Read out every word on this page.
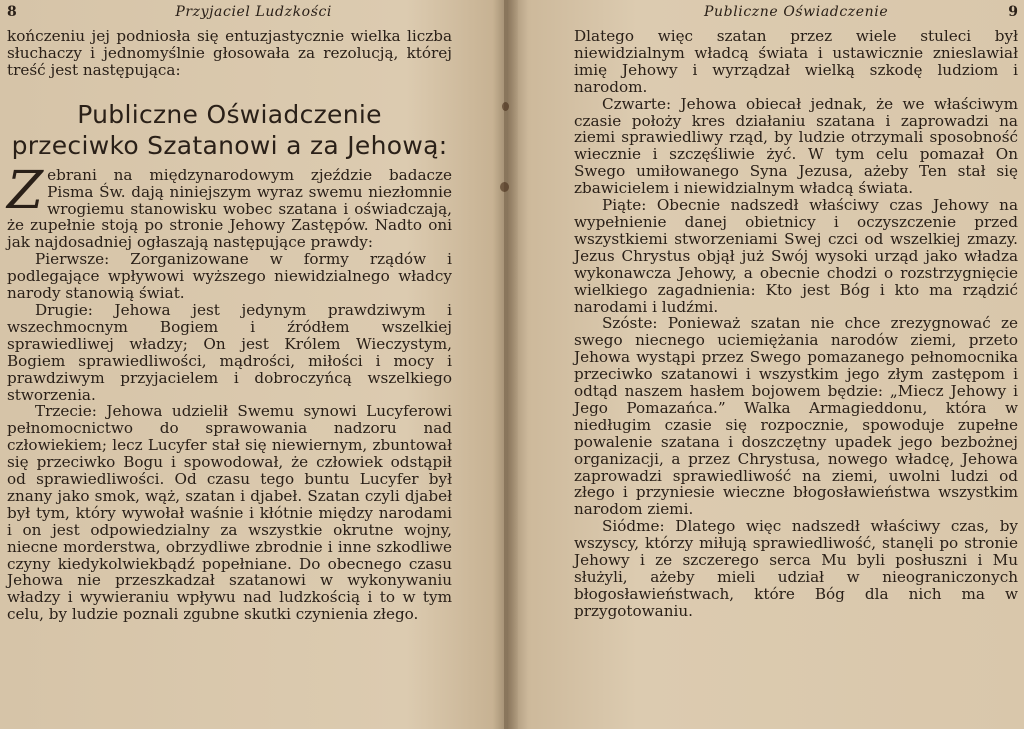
8	Przyjaciel Ludzkości

kończeniu jej podniosła się entuzjastycznie wielka liczba słuchaczy i jednomyślnie głosowała za rezolucją, której treść jest następująca:

Publiczne Oświadczenie
przeciwko Szatanowi a za Jehową:

Zebrani na międzynarodowym zjeździe badacze Pisma Św. dają niniejszym wyraz swemu niezłomnie wrogiemu stanowisku wobec szatana i oświadczają, że zupełnie stoją po stronie Jehowy Zastępów. Nadto oni jak najdosadniej ogłaszają następujące prawdy:

Pierwsze: Zorganizowane w formy rządów i podlegające wpływowi wyższego niewidzialnego władcy narody stanowią świat.

Drugie: Jehowa jest jedynym prawdziwym i wszechmocnym Bogiem i źródłem wszelkiej sprawiedliwej władzy; On jest Królem Wieczystym, Bogiem sprawiedliwości, mądrości, miłości i mocy i prawdziwym przyjacielem i dobroczyńcą wszelkiego stworzenia.

Trzecie: Jehowa udzielił Swemu synowi Lucyferowi pełnomocnictwo do sprawowania nadzoru nad człowiekiem; lecz Lucyfer stał się niewiernym, zbuntował się przeciwko Bogu i spowodował, że człowiek odstąpił od sprawiedliwości. Od czasu tego buntu Lucyfer był znany jako smok, wąż, szatan i djabeł. Szatan czyli djabeł był tym, który wywołał waśnie i kłótnie między narodami i on jest odpowiedzialny za wszystkie okrutne wojny, niecne morderstwa, obrzydliwe zbrodnie i inne szkodliwe czyny kiedykolwiekbądź popełniane. Do obecnego czasu Jehowa nie przeszkadzał szatanowi w wykonywaniu władzy i wywieraniu wpływu nad ludzkością i to w tym celu, by ludzie poznali zgubne skutki czynienia złego.

Publiczne Oświadczenie	9

Dlatego więc szatan przez wiele stuleci był niewidzialnym władcą świata i ustawicznie znieslawiał imię Jehowy i wyrządzał wielką szkodę ludziom i narodom.

Czwarte: Jehowa obiecał jednak, że we właściwym czasie położy kres działaniu szatana i zaprowadzi na ziemi sprawiedliwy rząd, by ludzie otrzymali sposobność wiecznie i szczęśliwie żyć. W tym celu pomazał On Swego umiłowanego Syna Jezusa, ażeby Ten stał się zbawicielem i niewidzialnym władcą świata.

Piąte: Obecnie nadszedł właściwy czas Jehowy na wypełnienie danej obietnicy i oczyszczenie przed wszystkiemi stworzeniami Swej czci od wszelkiej zmazy. Jezus Chrystus objął już Swój wysoki urząd jako władza wykonawcza Jehowy, a obecnie chodzi o rozstrzygnięcie wielkiego zagadnienia: Kto jest Bóg i kto ma rządzić narodami i ludźmi.

Szóste: Ponieważ szatan nie chce zrezygnować ze swego niecnego uciemiężania narodów ziemi, przeto Jehowa wystąpi przez Swego pomazanego pełnomocnika przeciwko szatanowi i wszystkim jego złym zastępom i odtąd naszem hasłem bojowem będzie: „Miecz Jehowy i Jego Pomazańca.” Walka Armagieddonu, która w niedługim czasie się rozpocznie, spowoduje zupełne powalenie szatana i doszczętny upadek jego bezbożnej organizacji, a przez Chrystusa, nowego władcę, Jehowa zaprowadzi sprawiedliwość na ziemi, uwolni ludzi od złego i przyniesie wieczne błogosławieństwa wszystkim narodom ziemi.

Siódme: Dlatego więc nadszedł właściwy czas, by wszyscy, którzy miłują sprawiedliwość, stanęli po stronie Jehowy i ze szczerego serca Mu byli posłuszni i Mu służyli, ażeby mieli udział w nieograniczonych błogosławieństwach, które Bóg dla nich ma w przygotowaniu.
